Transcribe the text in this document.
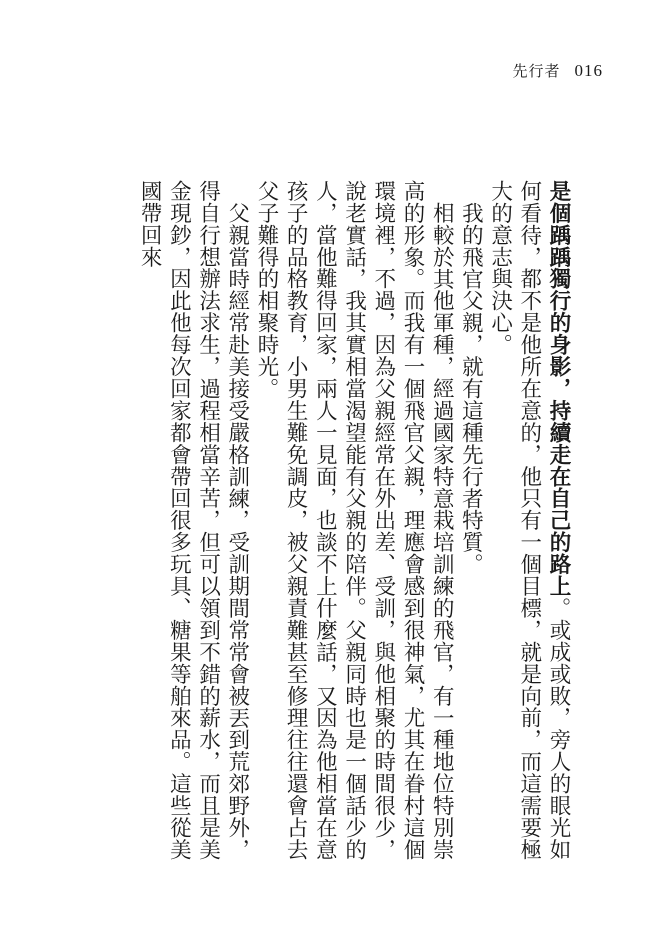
先行者 016

是個踽踽獨行的身影，持續走在自己的路上。或成或敗，旁人的眼光如何看待，都不是他所在意的，他只有一個目標，就是向前，而這需要極大的意志與決心。

我的飛官父親，就有這種先行者特質。

相較於其他軍種，經過國家特意栽培訓練的飛官，有一種地位特別崇高的形象。而我有一個飛官父親，理應會感到很神氣，尤其在眷村這個環境裡，不過，因為父親經常在外出差、受訓，與他相聚的時間很少，說老實話，我其實相當渴望能有父親的陪伴。父親同時也是一個話少的人，當他難得回家，兩人一見面，也談不上什麼話，又因為他相當在意孩子的品格教育，小男生難免調皮，被父親責難甚至修理往往還會占去父子難得的相聚時光。

父親當時經常赴美接受嚴格訓練，受訓期間常常會被丟到荒郊野外，得自行想辦法求生，過程相當辛苦，但可以領到不錯的薪水，而且是美金現鈔，因此他每次回家都會帶回很多玩具、糖果等舶來品。這些從美國帶回來
